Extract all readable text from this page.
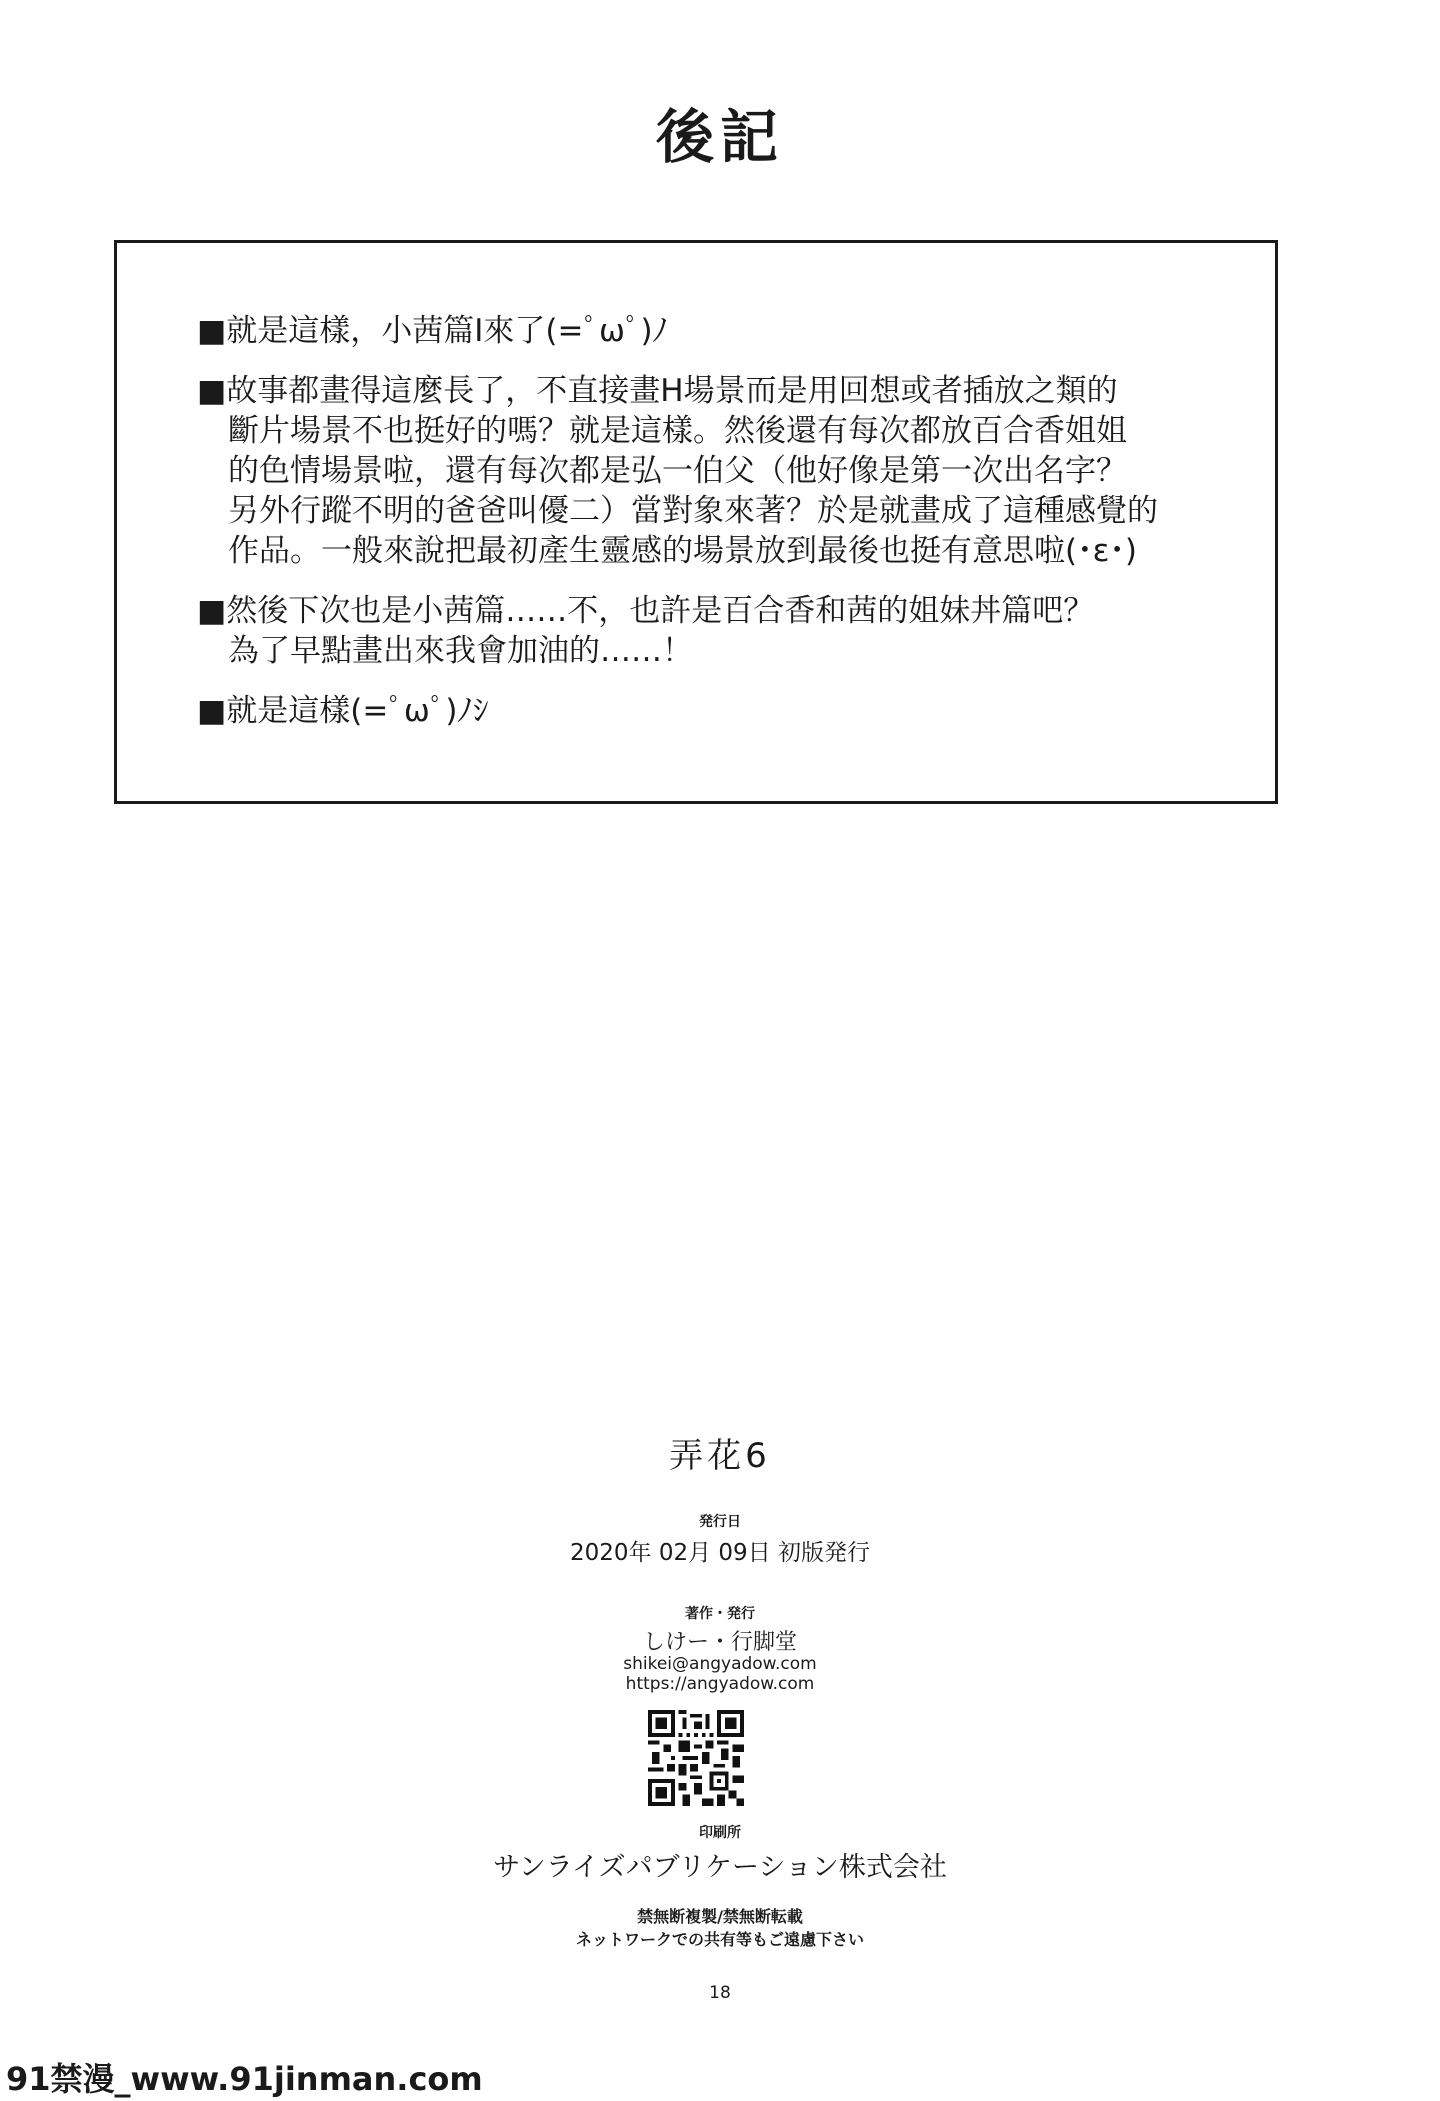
後記
■就是這樣，小茜篇Ⅰ來了(=ﾟωﾟ)ﾉ
■故事都畫得這麼長了，不直接畫H場景而是用回想或者插放之類的
斷片場景不也挺好的嗎？就是這樣。然後還有每次都放百合香姐姐
的色情場景啦，還有每次都是弘一伯父（他好像是第一次出名字？
另外行蹤不明的爸爸叫優二）當對象來著？於是就畫成了這種感覺的
作品。一般來說把最初產生靈感的場景放到最後也挺有意思啦(･ε･)
■然後下次也是小茜篇……不，也許是百合香和茜的姐妹丼篇吧？
為了早點畫出來我會加油的……！
■就是這樣(=ﾟωﾟ)ﾉｼ
弄花6
発行日
2020年 02月 09日 初版発行
著作・発行
しけー・行脚堂
shikei@angyadow.com
https://angyadow.com
印刷所
サンライズパブリケーション株式会社
禁無断複製/禁無断転載
ネットワークでの共有等もご遠慮下さい
18
91禁漫_www.91jinman.com
